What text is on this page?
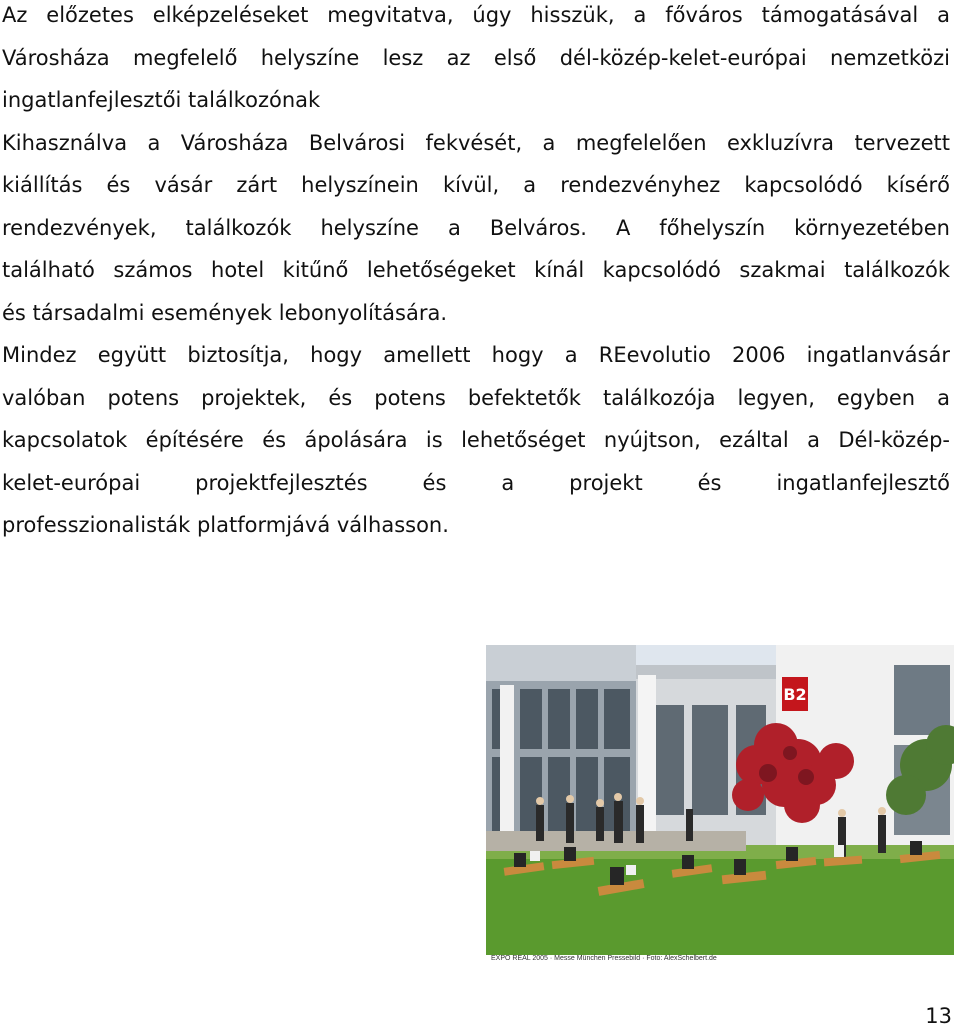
Az előzetes elképzeléseket megvitatva, úgy hisszük, a főváros támogatásával a
Városháza megfelelő helyszíne lesz az első dél-közép-kelet-európai nemzetközi
ingatlanfejlesztői találkozónak

Kihasználva a Városháza Belvárosi fekvését, a megfelelően exkluzívra tervezett
kiállítás és vásár zárt helyszínein kívül, a rendezvényhez kapcsolódó kísérő
rendezvények, találkozók helyszíne a Belváros. A főhelyszín környezetében
található számos hotel kitűnő lehetőségeket kínál kapcsolódó szakmai találkozók
és társadalmi események lebonyolítására.

Mindez együtt biztosítja, hogy amellett hogy a REevolutio 2006 ingatlanvásár
valóban potens projektek, és potens befektetők találkozója legyen, egyben a
kapcsolatok építésére és ápolására is lehetőséget nyújtson, ezáltal a Dél-közép-
kelet-európai projektfejlesztés és a projekt és ingatlanfejlesztő
professzionalisták platformjává válhasson.

B2
EXPO REAL 2005 · Messe München Pressebild · Foto: AlexSchelbert.de
13
